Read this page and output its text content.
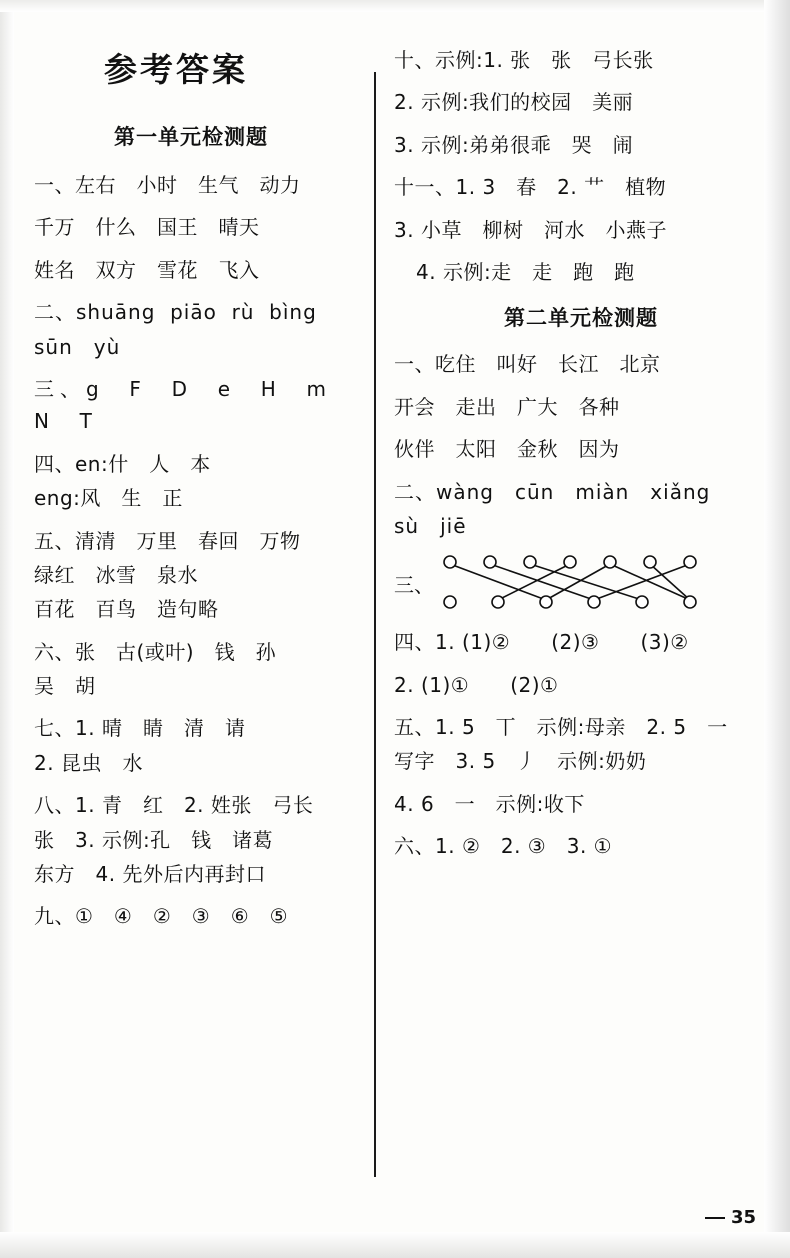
参考答案
第一单元检测题

一、左右　小时　生气　动力

千万　什么　国王　晴天

姓名　双方　雪花　飞入

二、shuāng  piāo  rù  bìng

sūn　yù

三、g  F  D  e  H  m  N  T

四、en:什　人　本

eng:风　生　正

五、清清　万里　春回　万物

绿红　冰雪　泉水

百花　百鸟　造句略

六、张　古(或叶)　钱　孙

吴　胡

七、1. 晴　睛　清　请

2. 昆虫　水

八、1. 青　红　2. 姓张　弓长

张　3. 示例:孔　钱　诸葛

东方　4. 先外后内再封口

九、①　④　②　③　⑥　⑤

十、示例:1. 张　张　弓长张

2. 示例:我们的校园　美丽

3. 示例:弟弟很乖　哭　闹

十一、1. 3　春　2. 艹　植物

3. 小草　柳树　河水　小燕子

4. 示例:走　走　跑　跑

第二单元检测题

一、吃住　叫好　长江　北京

开会　走出　广大　各种

伙伴　太阳　金秋　因为

二、wàng　cūn　miàn　xiǎng

sù　jiē

三、

四、1. (1)②　　(2)③　　(3)②

2. (1)①　　(2)①

五、1. 5　丅　示例:母亲　2. 5　一

写字　3. 5　丿　示例:奶奶

4. 6　一　示例:收下

六、1. ②　2. ③　3. ①

35
